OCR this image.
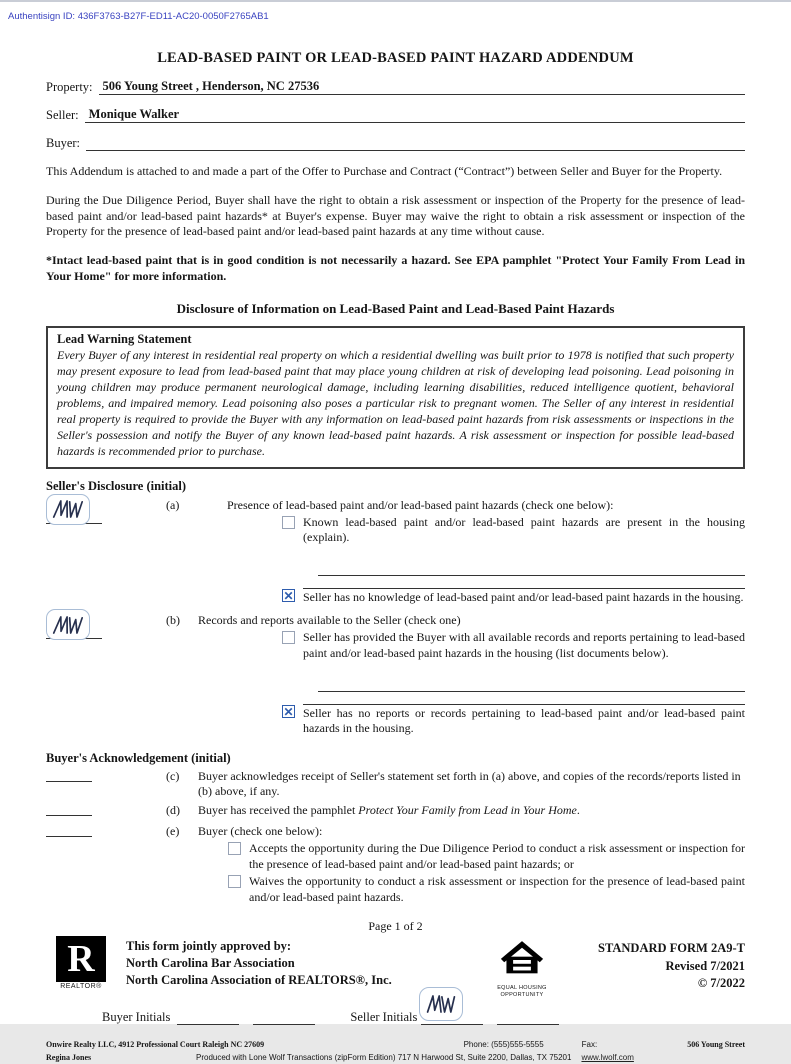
Authentisign ID: 436F3763-B27F-ED11-AC20-0050F2765AB1
LEAD-BASED PAINT OR LEAD-BASED PAINT HAZARD ADDENDUM
Property: 506 Young Street , Henderson, NC 27536
Seller: Monique Walker
Buyer:
This Addendum is attached to and made a part of the Offer to Purchase and Contract (“Contract”) between Seller and Buyer for the Property.
During the Due Diligence Period, Buyer shall have the right to obtain a risk assessment or inspection of the Property for the presence of lead-based paint and/or lead-based paint hazards* at Buyer's expense. Buyer may waive the right to obtain a risk assessment or inspection of the Property for the presence of lead-based paint and/or lead-based paint hazards at any time without cause.
*Intact lead-based paint that is in good condition is not necessarily a hazard. See EPA pamphlet "Protect Your Family From Lead in Your Home" for more information.
Disclosure of Information on Lead-Based Paint and Lead-Based Paint Hazards
Lead Warning Statement
Every Buyer of any interest in residential real property on which a residential dwelling was built prior to 1978 is notified that such property may present exposure to lead from lead-based paint that may place young children at risk of developing lead poisoning. Lead poisoning in young children may produce permanent neurological damage, including learning disabilities, reduced intelligence quotient, behavioral problems, and impaired memory. Lead poisoning also poses a particular risk to pregnant women. The Seller of any interest in residential real property is required to provide the Buyer with any information on lead-based paint hazards from risk assessments or inspections in the Seller's possession and notify the Buyer of any known lead-based paint hazards. A risk assessment or inspection for possible lead-based hazards is recommended prior to purchase.
Seller's Disclosure (initial)
(a)	Presence of lead-based paint and/or lead-based paint hazards (check one below):
Known lead-based paint and/or lead-based paint hazards are present in the housing (explain).
✕
Seller has no knowledge of lead-based paint and/or lead-based paint hazards in the housing.
(b)	Records and reports available to the Seller (check one)
Seller has provided the Buyer with all available records and reports pertaining to lead-based paint and/or lead-based paint hazards in the housing (list documents below).
✕
Seller has no reports or records pertaining to lead-based paint and/or lead-based paint hazards in the housing.
Buyer's Acknowledgement (initial)
(c)	Buyer acknowledges receipt of Seller's statement set forth in (a) above, and copies of the records/reports listed in (b) above, if any.
(d)	Buyer has received the pamphlet Protect Your Family from Lead in Your Home.
(e)	Buyer (check one below):
Accepts the opportunity during the Due Diligence Period to conduct a risk assessment or inspection for the presence of lead-based paint and/or lead-based paint hazards; or
Waives the opportunity to conduct a risk assessment or inspection for the presence of lead-based paint and/or lead-based paint hazards.
Page 1 of 2
R
REALTOR®
This form jointly approved by:
North Carolina Bar Association
North Carolina Association of REALTORS®, Inc.
EQUAL HOUSING
OPPORTUNITY
STANDARD FORM 2A9-T
Revised 7/2021
© 7/2022
Buyer Initials	Seller Initials
Onwire Realty LLC, 4912 Professional Court Raleigh NC 27609	Phone: (555)555-5555	Fax:	506 Young Street
Regina Jones	Produced with Lone Wolf Transactions (zipForm Edition) 717 N Harwood St, Suite 2200, Dallas, TX 75201 www.lwolf.com
